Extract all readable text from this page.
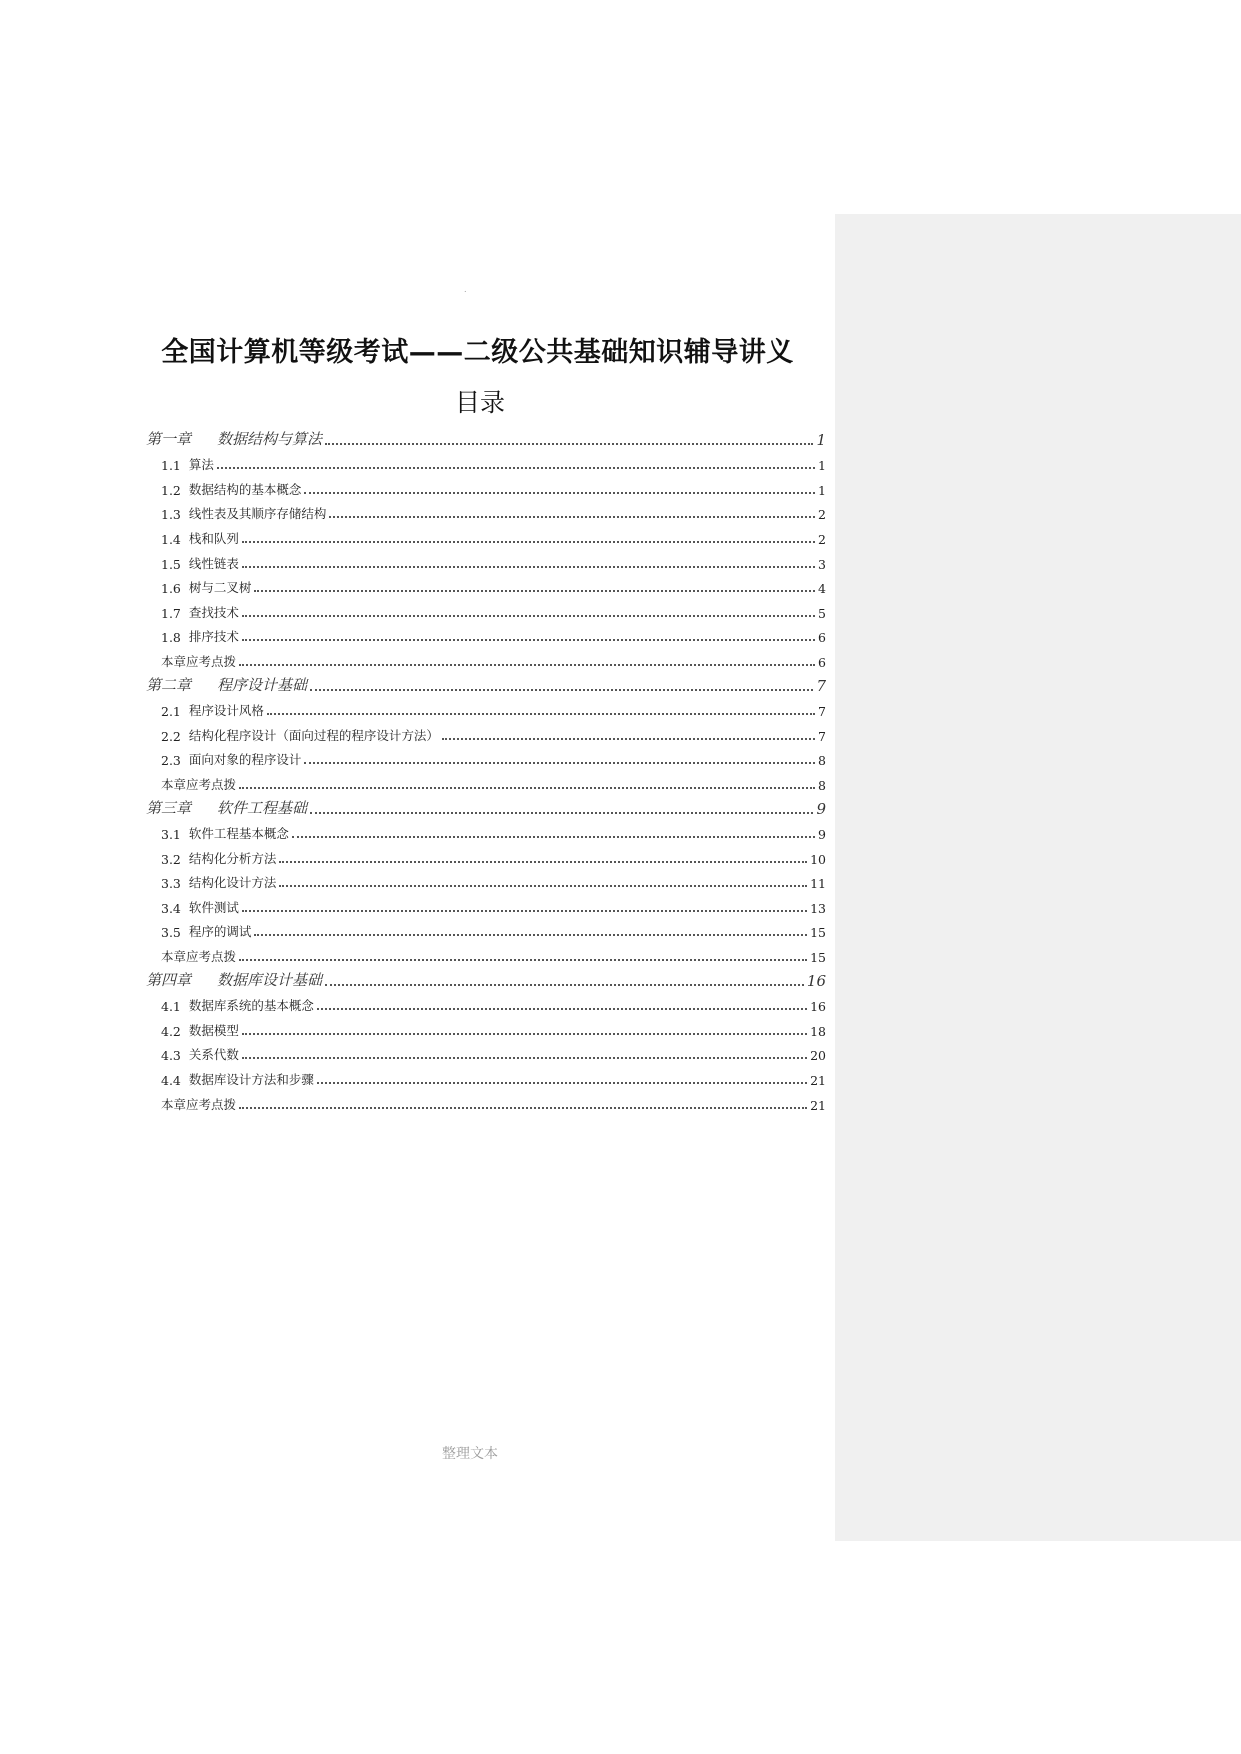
.
全国计算机等级考试——二级公共基础知识辅导讲义
目录
第一章 数据结构与算法	1
1.1 算法	1
1.2 数据结构的基本概念	1
1.3 线性表及其顺序存储结构	2
1.4 栈和队列	2
1.5 线性链表	3
1.6 树与二叉树	4
1.7 查找技术	5
1.8 排序技术	6
本章应考点拨	6
第二章 程序设计基础	7
2.1 程序设计风格	7
2.2 结构化程序设计（面向过程的程序设计方法）	7
2.3 面向对象的程序设计	8
本章应考点拨	8
第三章 软件工程基础	9
3.1 软件工程基本概念	9
3.2 结构化分析方法	10
3.3 结构化设计方法	11
3.4 软件测试	13
3.5 程序的调试	15
本章应考点拨	15
第四章 数据库设计基础	16
4.1 数据库系统的基本概念	16
4.2 数据模型	18
4.3 关系代数	20
4.4 数据库设计方法和步骤	21
本章应考点拨	21
整理文本
